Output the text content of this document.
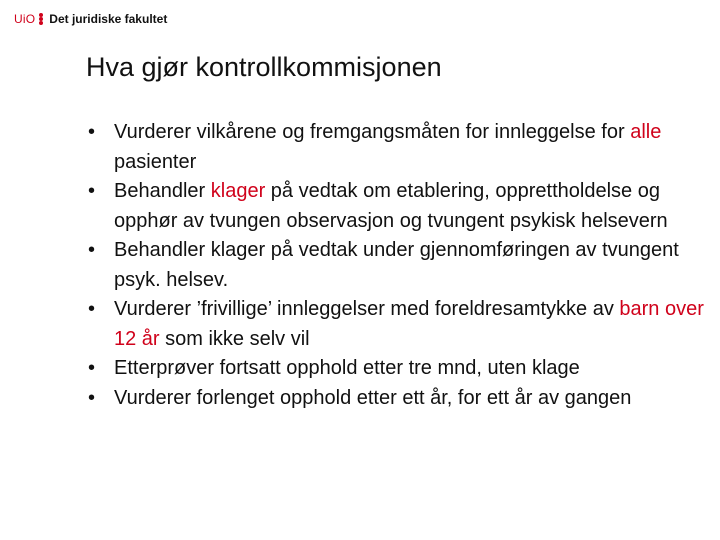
UiO Det juridiske fakultet
Hva gjør kontrollkommisjonen
• Vurderer vilkårene og fremgangsmåten for innleggelse for alle pasienter
• Behandler klager på vedtak om etablering, opprettholdelse og opphør av tvungen observasjon og tvungent psykisk helsevern
• Behandler klager på vedtak under gjennomføringen av tvungent psyk. helsev.
• Vurderer ’frivillige’ innleggelser med foreldresamtykke av barn over 12 år som ikke selv vil
• Etterprøver fortsatt opphold etter tre mnd, uten klage
• Vurderer forlenget opphold etter ett år, for ett år av gangen
